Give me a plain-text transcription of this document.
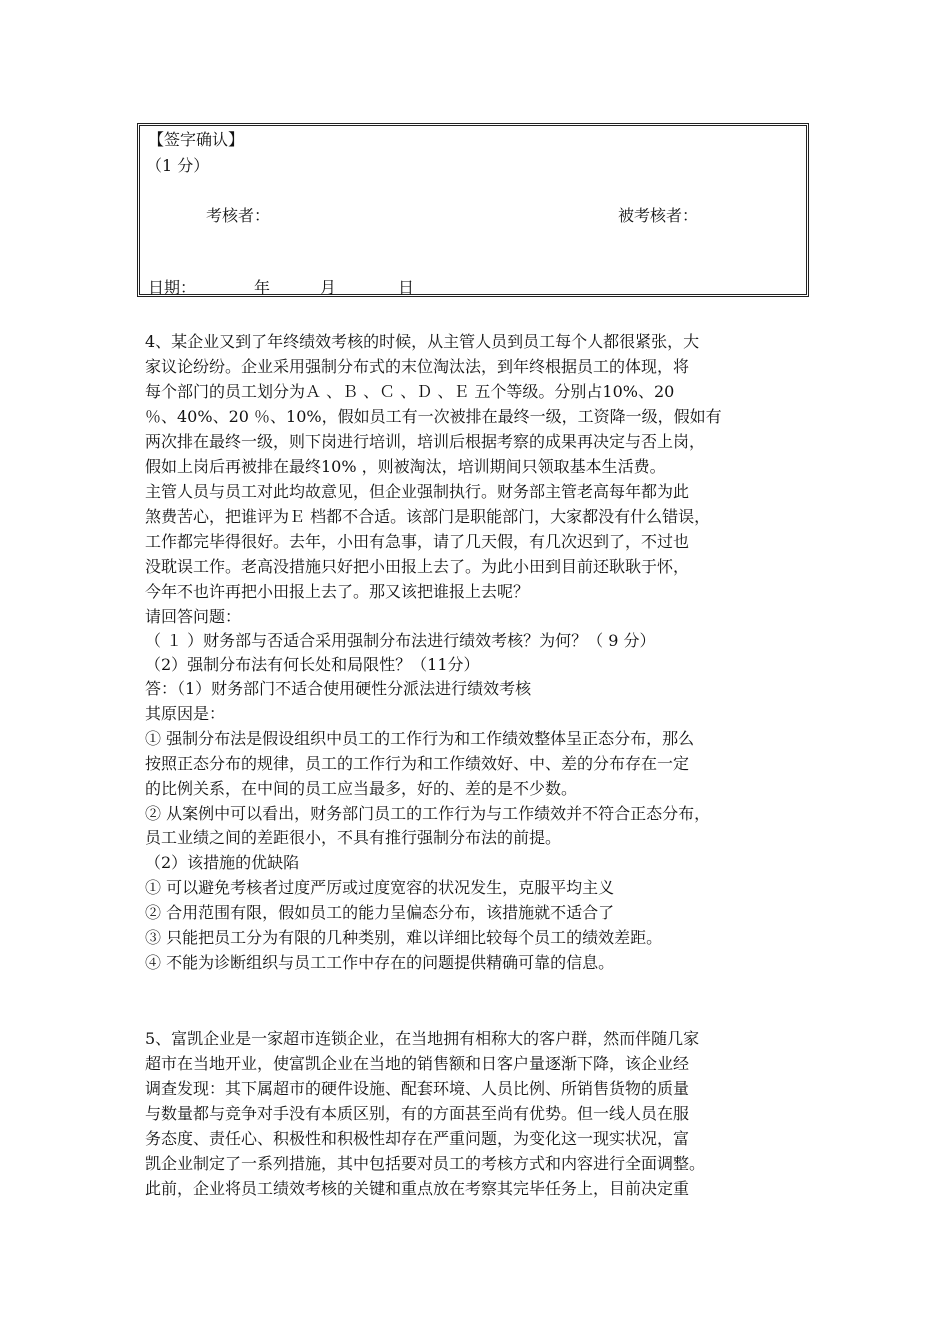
【签字确认】
（1 分）
考核者：	被考核者：
日期：	年	月	日
4、某企业又到了年终绩效考核的时候，从主管人员到员工每个人都很紧张，大
家议论纷纷。企业采用强制分布式的末位淘汰法，到年终根据员工的体现，将
每个部门的员工划分为Ａ 、Ｂ 、Ｃ 、Ｄ 、Ｅ 五个等级。分别占10%、20
％、40%、20 ％、10%，假如员工有一次被排在最终一级，工资降一级，假如有
两次排在最终一级，则下岗进行培训，培训后根据考察的成果再决定与否上岗，
假如上岗后再被排在最终10% ，则被淘汰，培训期间只领取基本生活费。
主管人员与员工对此均故意见，但企业强制执行。财务部主管老高每年都为此
煞费苦心，把谁评为Ｅ 档都不合适。该部门是职能部门，大家都没有什么错误，
工作都完毕得很好。去年，小田有急事，请了几天假，有几次迟到了，不过也
没耽误工作。老高没措施只好把小田报上去了。为此小田到目前还耿耿于怀，
今年不也许再把小田报上去了。那又该把谁报上去呢？
请回答问题：
（ １ ）财务部与否适合采用强制分布法进行绩效考核？为何？（ 9 分）
（2）强制分布法有何长处和局限性？（11分）
答：（1）财务部门不适合使用硬性分派法进行绩效考核
其原因是：
① 强制分布法是假设组织中员工的工作行为和工作绩效整体呈正态分布，那么
按照正态分布的规律，员工的工作行为和工作绩效好、中、差的分布存在一定
的比例关系，在中间的员工应当最多，好的、差的是不少数。
② 从案例中可以看出，财务部门员工的工作行为与工作绩效并不符合正态分布，
员工业绩之间的差距很小，不具有推行强制分布法的前提。
（2）该措施的优缺陷
① 可以避免考核者过度严厉或过度宽容的状况发生，克服平均主义
② 合用范围有限，假如员工的能力呈偏态分布，该措施就不适合了
③ 只能把员工分为有限的几种类别，难以详细比较每个员工的绩效差距。
④ 不能为诊断组织与员工工作中存在的问题提供精确可靠的信息。
5、富凯企业是一家超市连锁企业，在当地拥有相称大的客户群，然而伴随几家
超市在当地开业，使富凯企业在当地的销售额和日客户量逐渐下降，该企业经
调查发现：其下属超市的硬件设施、配套环境、人员比例、所销售货物的质量
与数量都与竞争对手没有本质区别，有的方面甚至尚有优势。但一线人员在服
务态度、责任心、积极性和积极性却存在严重问题，为变化这一现实状况，富
凯企业制定了一系列措施，其中包括要对员工的考核方式和内容进行全面调整。
此前，企业将员工绩效考核的关键和重点放在考察其完毕任务上，目前决定重
